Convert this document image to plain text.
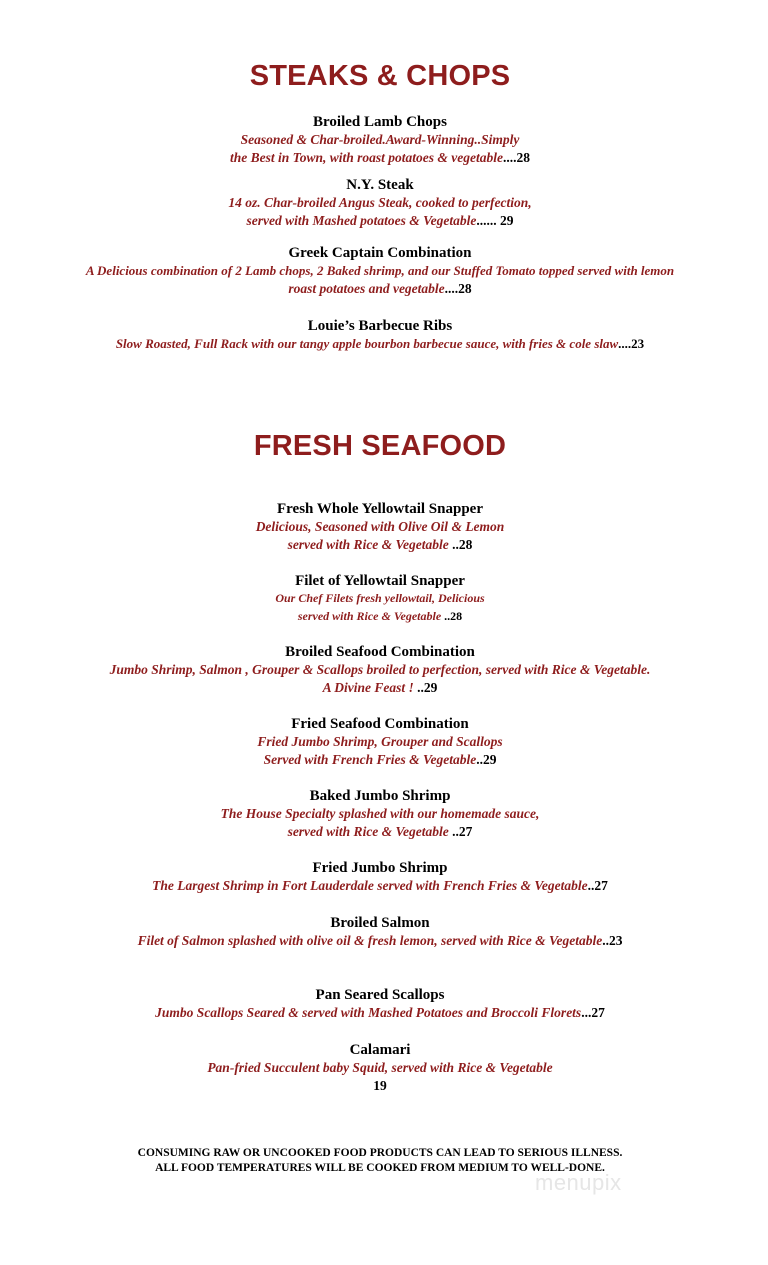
STEAKS & CHOPS
Broiled Lamb Chops
Seasoned & Char-broiled.Award-Winning..Simply
the Best in Town, with roast potatoes & vegetable....28
N.Y. Steak
14 oz. Char-broiled Angus Steak, cooked to perfection,
served with Mashed potatoes & Vegetable...... 29
Greek Captain Combination
A Delicious combination of 2 Lamb chops, 2 Baked shrimp, and our Stuffed Tomato topped served with lemon
roast potatoes and vegetable....28
Louie’s Barbecue Ribs
Slow Roasted, Full Rack with our tangy apple bourbon barbecue sauce, with fries & cole slaw....23
FRESH SEAFOOD
Fresh Whole Yellowtail Snapper
Delicious, Seasoned with Olive Oil & Lemon
served with Rice & Vegetable ..28
Filet of Yellowtail Snapper
Our Chef Filets fresh yellowtail, Delicious
served with Rice & Vegetable ..28
Broiled Seafood Combination
Jumbo Shrimp, Salmon , Grouper & Scallops broiled to perfection, served with Rice & Vegetable.
A Divine Feast ! ..29
Fried Seafood Combination
Fried Jumbo Shrimp, Grouper and Scallops
Served with French Fries & Vegetable..29
Baked Jumbo Shrimp
The House Specialty splashed with our homemade sauce,
served with Rice & Vegetable ..27
Fried Jumbo Shrimp
The Largest Shrimp in Fort Lauderdale served with French Fries & Vegetable..27
Broiled Salmon
Filet of Salmon splashed with olive oil & fresh lemon, served with Rice & Vegetable..23
Pan Seared Scallops
Jumbo Scallops Seared & served with Mashed Potatoes and Broccoli Florets...27
Calamari
Pan-fried Succulent baby Squid, served with Rice & Vegetable
19
CONSUMING RAW OR UNCOOKED FOOD PRODUCTS CAN LEAD TO SERIOUS ILLNESS.
ALL FOOD TEMPERATURES WILL BE COOKED FROM MEDIUM TO WELL-DONE.
menupix
